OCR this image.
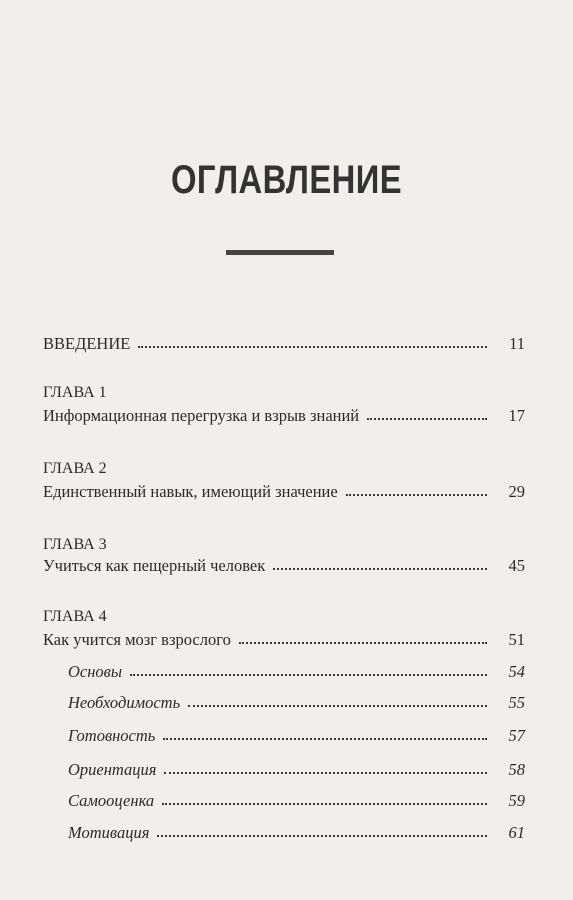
ОГЛАВЛЕНИЕ
ВВЕДЕНИЕ	11
ГЛАВА 1
Информационная перегрузка и взрыв знаний	17
ГЛАВА 2
Единственный навык, имеющий значение	29
ГЛАВА 3
Учиться как пещерный человек	45
ГЛАВА 4
Как учится мозг взрослого	51
Основы	54
Необходимость	55
Готовность	57
Ориентация	58
Самооценка	59
Мотивация	61
